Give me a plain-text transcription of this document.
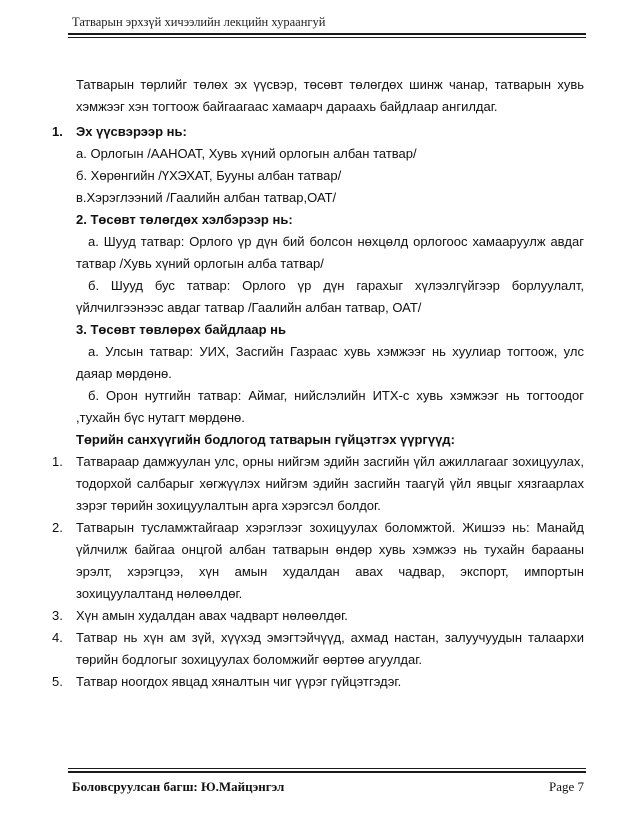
Татварын эрхзүй хичээлийн лекцийн хураангуй

Татварын төрлийг төлөх эх үүсвэр, төсөвт төлөгдөх шинж чанар, татварын хувь хэмжээг хэн тогтоож байгаагаас хамаарч дараахь байдлаар ангилдаг.

1. Эх үүсвэрээр нь:

а. Орлогын /ААНОАТ, Хувь хүний орлогын албан татвар/

б. Хөрөнгийн /ҮХЭХАТ, Бууны албан татвар/

в.Хэрэглээний /Гаалийн албан татвар,ОАТ/

2. Төсөвт төлөгдөх хэлбэрээр нь:

а. Шууд татвар: Орлого үр дүн бий болсон нөхцөлд орлогоос хамааруулж авдаг татвар /Хувь хүний орлогын алба татвар/

б. Шууд бус татвар: Орлого үр дүн гарахыг хүлээлгүйгээр борлуулалт, үйлчилгээнээс авдаг татвар /Гаалийн албан татвар, ОАТ/

3. Төсөвт төвлөрөх байдлаар нь

а. Улсын татвар: УИХ, Засгийн Газраас хувь хэмжээг нь хуулиар тогтоож, улс даяар мөрдөнө.

б. Орон нутгийн татвар: Аймаг, нийслэлийн ИТХ-с хувь хэмжээг нь тогтоодог ,тухайн бүс нутагт мөрдөнө.

Төрийн санхүүгийн бодлогод татварын гүйцэтгэх үүргүүд:

1. Татвараар дамжуулан улс, орны нийгэм эдийн засгийн үйл ажиллагааг зохицуулах, тодорхой салбарыг хөгжүүлэх нийгэм эдийн засгийн таагүй үйл явцыг хязгаарлах зэрэг төрийн зохицуулалтын арга хэрэгсэл болдог.
2. Татварын тусламжтайгаар хэрэглээг зохицуулах боломжтой. Жишээ нь: Манайд үйлчилж байгаа онцгой албан татварын өндөр хувь хэмжээ нь тухайн барааны эрэлт, хэрэгцээ, хүн амын худалдан авах чадвар, экспорт, импортын зохицуулалтанд нөлөөлдөг.
3. Хүн амын худалдан авах чадварт нөлөөлдөг.
4. Татвар нь хүн ам зүй, хүүхэд эмэгтэйчүүд, ахмад настан, залуучуудын талаархи төрийн бодлогыг зохицуулах боломжийг өөртөө агуулдаг.
5. Татвар ноогдох явцад хяналтын чиг үүрэг гүйцэтгэдэг.
Боловсруулсан багш: Ю.Майцэнгэл	Page 7
